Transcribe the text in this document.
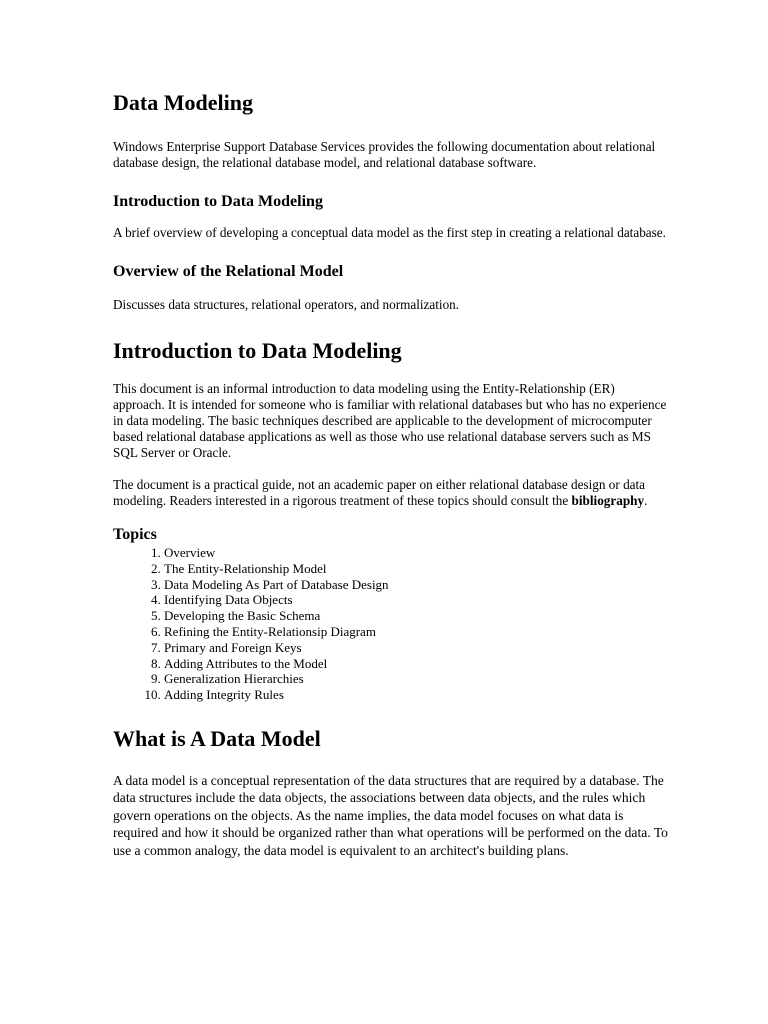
Data Modeling

Windows Enterprise Support Database Services provides the following documentation about relational database design, the relational database model, and relational database software.

Introduction to Data Modeling

A brief overview of developing a conceptual data model as the first step in creating a relational database.

Overview of the Relational Model

Discusses data structures, relational operators, and normalization.

Introduction to Data Modeling

This document is an informal introduction to data modeling using the Entity-Relationship (ER) approach. It is intended for someone who is familiar with relational databases but who has no experience in data modeling. The basic techniques described are applicable to the development of microcomputer based relational database applications as well as those who use relational database servers such as MS SQL Server or Oracle.

The document is a practical guide, not an academic paper on either relational database design or data modeling. Readers interested in a rigorous treatment of these topics should consult the bibliography.

Topics
1. Overview
2. The Entity-Relationship Model
3. Data Modeling As Part of Database Design
4. Identifying Data Objects
5. Developing the Basic Schema
6. Refining the Entity-Relationsip Diagram
7. Primary and Foreign Keys
8. Adding Attributes to the Model
9. Generalization Hierarchies
10. Adding Integrity Rules
What is A Data Model

A data model is a conceptual representation of the data structures that are required by a database. The data structures include the data objects, the associations between data objects, and the rules which govern operations on the objects. As the name implies, the data model focuses on what data is required and how it should be organized rather than what operations will be performed on the data. To use a common analogy, the data model is equivalent to an architect's building plans.
